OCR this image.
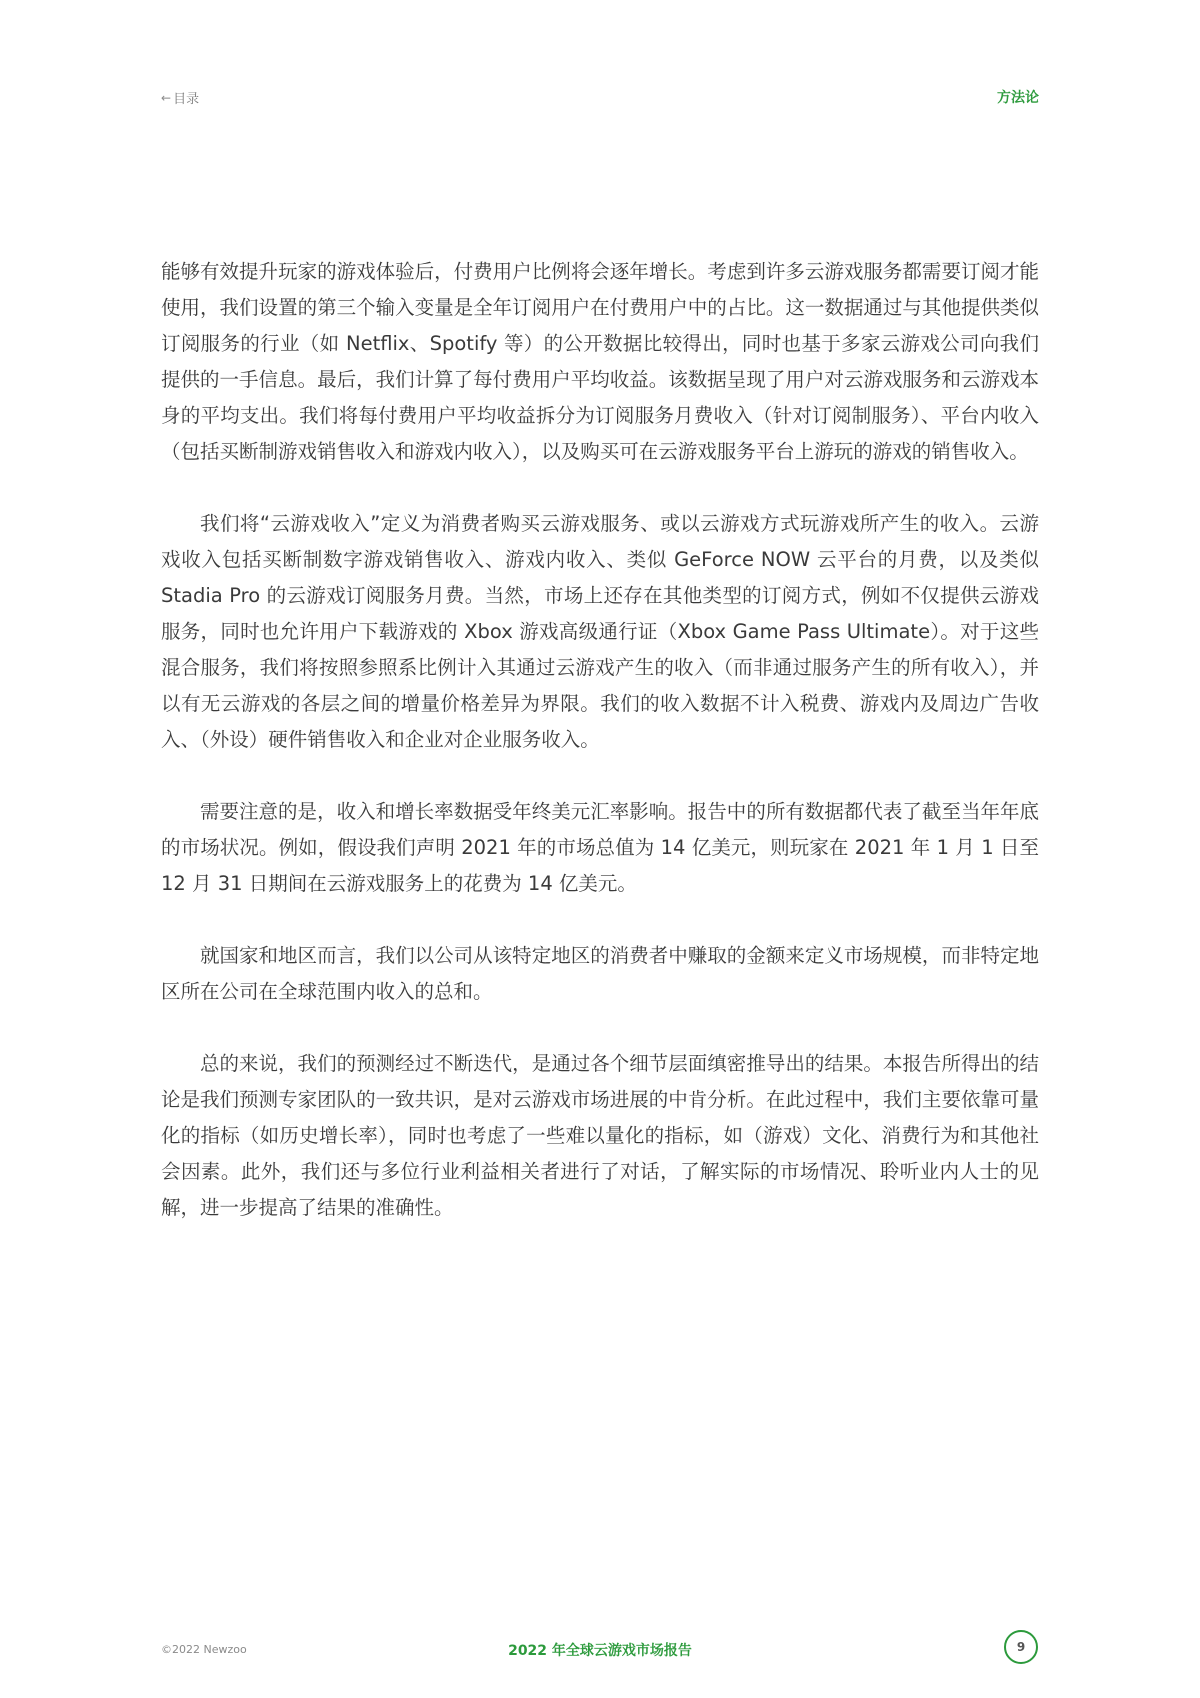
← 目录	方法论

能够有效提升玩家的游戏体验后，付费用户比例将会逐年增长。考虑到许多云游戏服务都需要订阅才能使用，我们设置的第三个输入变量是全年订阅用户在付费用户中的占比。这一数据通过与其他提供类似订阅服务的行业（如 Netflix、Spotify 等）的公开数据比较得出，同时也基于多家云游戏公司向我们提供的一手信息。最后，我们计算了每付费用户平均收益。该数据呈现了用户对云游戏服务和云游戏本身的平均支出。我们将每付费用户平均收益拆分为订阅服务月费收入（针对订阅制服务）、平台内收入（包括买断制游戏销售收入和游戏内收入），以及购买可在云游戏服务平台上游玩的游戏的销售收入。

我们将“云游戏收入”定义为消费者购买云游戏服务、或以云游戏方式玩游戏所产生的收入。云游戏收入包括买断制数字游戏销售收入、游戏内收入、类似 GeForce NOW 云平台的月费，以及类似 Stadia Pro 的云游戏订阅服务月费。当然，市场上还存在其他类型的订阅方式，例如不仅提供云游戏服务，同时也允许用户下载游戏的 Xbox 游戏高级通行证（Xbox Game Pass Ultimate）。对于这些混合服务，我们将按照参照系比例计入其通过云游戏产生的收入（而非通过服务产生的所有收入），并以有无云游戏的各层之间的增量价格差异为界限。我们的收入数据不计入税费、游戏内及周边广告收入、（外设）硬件销售收入和企业对企业服务收入。

需要注意的是，收入和增长率数据受年终美元汇率影响。报告中的所有数据都代表了截至当年年底的市场状况。例如，假设我们声明 2021 年的市场总值为 14 亿美元，则玩家在 2021 年 1 月 1 日至 12 月 31 日期间在云游戏服务上的花费为 14 亿美元。

就国家和地区而言，我们以公司从该特定地区的消费者中赚取的金额来定义市场规模，而非特定地区所在公司在全球范围内收入的总和。

总的来说，我们的预测经过不断迭代，是通过各个细节层面缜密推导出的结果。本报告所得出的结论是我们预测专家团队的一致共识，是对云游戏市场进展的中肯分析。在此过程中，我们主要依靠可量化的指标（如历史增长率），同时也考虑了一些难以量化的指标，如（游戏）文化、消费行为和其他社会因素。此外，我们还与多位行业利益相关者进行了对话，了解实际的市场情况、聆听业内人士的见解，进一步提高了结果的准确性。

©2022 Newzoo	2022 年全球云游戏市场报告	9
